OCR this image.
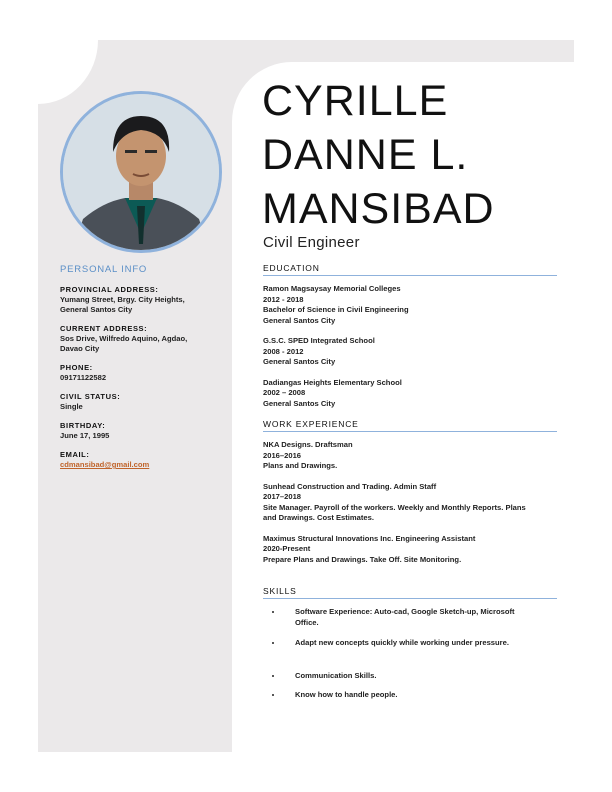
CYRILLE
DANNE L.
MANSIBAD
Civil Engineer
PERSONAL INFO
PROVINCIAL ADDRESS:
Yumang Street, Brgy. City Heights,
General Santos City
CURRENT ADDRESS:
Sos Drive, Wilfredo Aquino, Agdao,
Davao City
PHONE:
09171122582
CIVIL STATUS:
Single
BIRTHDAY:
June 17, 1995
EMAIL:
cdmansibad@gmail.com
EDUCATION
Ramon Magsaysay Memorial Colleges
2012 - 2018
Bachelor of Science in Civil Engineering
General Santos City
G.S.C. SPED Integrated School
2008 - 2012
General Santos City
Dadiangas Heights Elementary School
2002 – 2008
General Santos City
WORK EXPERIENCE
NKA Designs. Draftsman
2016–2016
Plans and Drawings.
Sunhead Construction and Trading. Admin Staff
2017–2018
Site Manager. Payroll of the workers. Weekly and Monthly Reports. Plans
and Drawings. Cost Estimates.
Maximus Structural Innovations Inc. Engineering Assistant
2020-Present
Prepare Plans and Drawings. Take Off. Site Monitoring.
SKILLS
• Software Experience: Auto-cad, Google Sketch-up, Microsoft
Office.
• Adapt new concepts quickly while working under pressure.
• Communication Skills.
• Know how to handle people.
